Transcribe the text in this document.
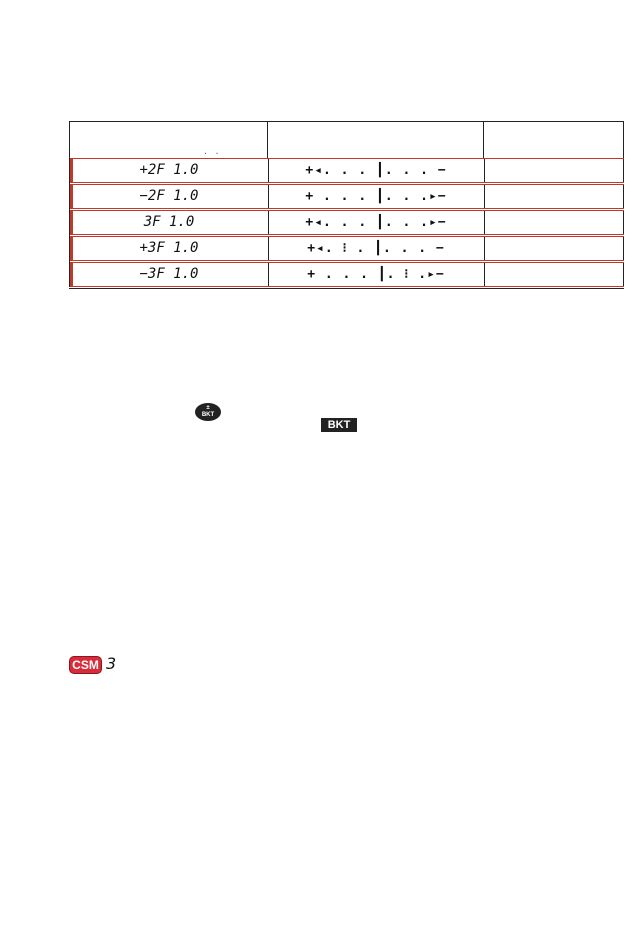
· ·
+2F 1.0	+◂. . . ┃. . . −
−2F 1.0	+ . . . ┃. . .▸−
3F 1.0	+◂. . . ┃. . .▸−
+3F 1.0	+◂. ⁝ . ┃. . . −
−3F 1.0	+ . . . ┃. ⁝ .▸−
±
BKT
BKT
CSM 3
